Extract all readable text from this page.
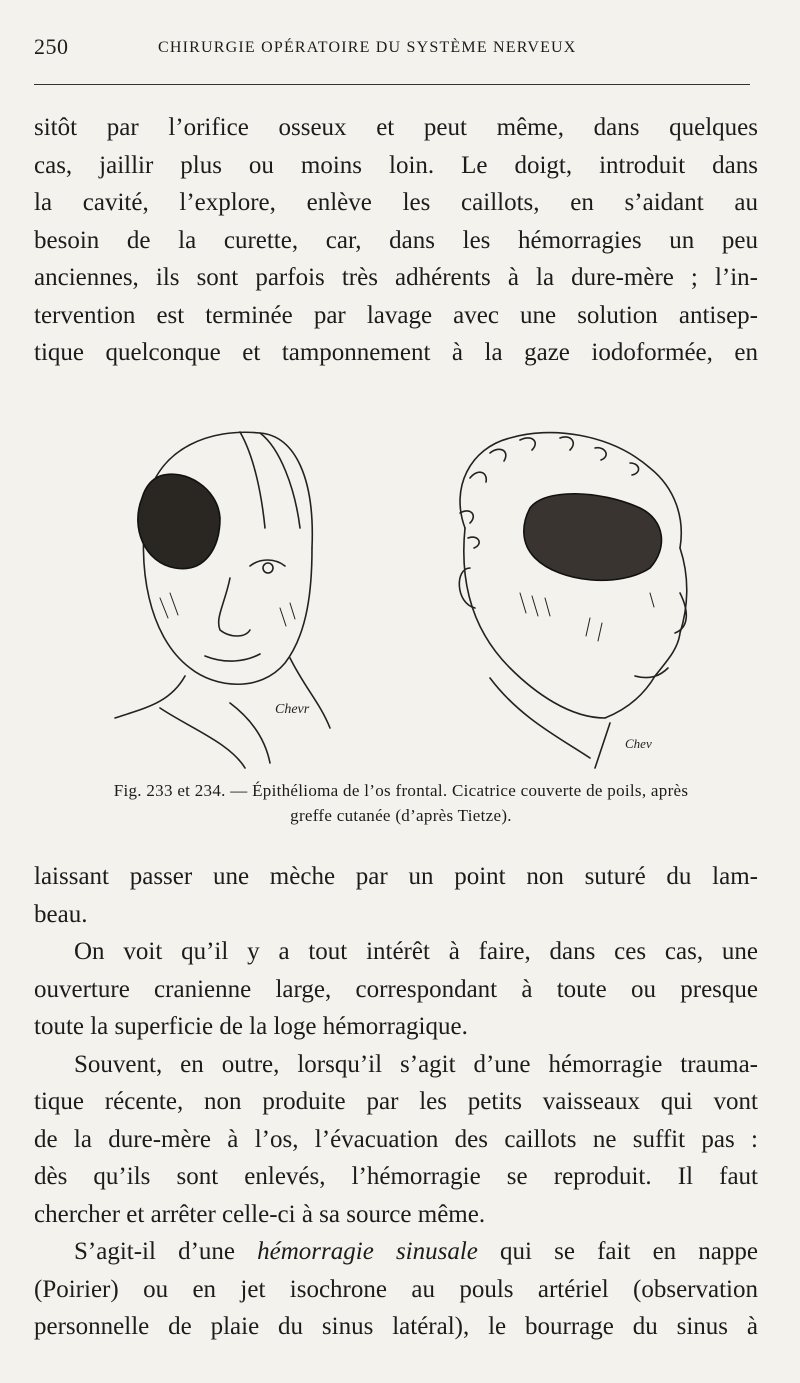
250	CHIRURGIE OPÉRATOIRE DU SYSTÈME NERVEUX

sitôt par l’orifice osseux et peut même, dans quelques

cas, jaillir plus ou moins loin. Le doigt, introduit dans

la cavité, l’explore, enlève les caillots, en s’aidant au

besoin de la curette, car, dans les hémorragies un peu

anciennes, ils sont parfois très adhérents à la dure-mère ; l’in-

tervention est terminée par lavage avec une solution antisep-

tique quelconque et tamponnement à la gaze iodoformée, en

Chevr
Chev
Fig. 233 et 234. — Épithélioma de l’os frontal. Cicatrice couverte de poils, après
greffe cutanée (d’après Tietze).

laissant passer une mèche par un point non suturé du lam-

beau.

On voit qu’il y a tout intérêt à faire, dans ces cas, une

ouverture cranienne large, correspondant à toute ou presque

toute la superficie de la loge hémorragique.

Souvent, en outre, lorsqu’il s’agit d’une hémorragie trauma-

tique récente, non produite par les petits vaisseaux qui vont

de la dure-mère à l’os, l’évacuation des caillots ne suffit pas :

dès qu’ils sont enlevés, l’hémorragie se reproduit. Il faut

chercher et arrêter celle-ci à sa source même.

S’agit-il d’une hémorragie sinusale qui se fait en nappe

(Poirier) ou en jet isochrone au pouls artériel (observation

personnelle de plaie du sinus latéral), le bourrage du sinus à
